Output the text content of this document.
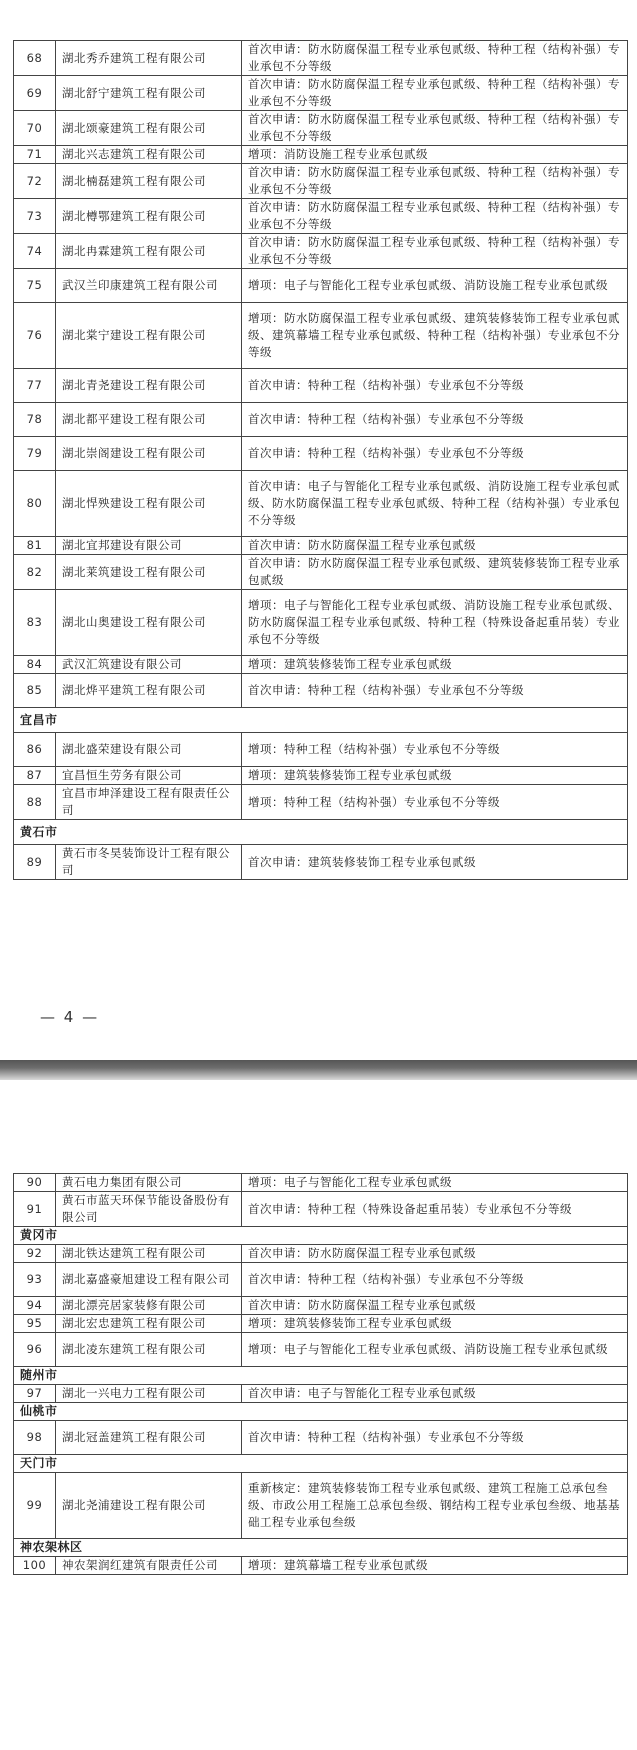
68	湖北秀乔建筑工程有限公司	首次申请：防水防腐保温工程专业承包贰级、特种工程（结构补强）专业承包不分等级
69	湖北舒宁建筑工程有限公司	首次申请：防水防腐保温工程专业承包贰级、特种工程（结构补强）专业承包不分等级
70	湖北颂豪建筑工程有限公司	首次申请：防水防腐保温工程专业承包贰级、特种工程（结构补强）专业承包不分等级
71	湖北兴志建筑工程有限公司	增项：消防设施工程专业承包贰级
72	湖北楠磊建筑工程有限公司	首次申请：防水防腐保温工程专业承包贰级、特种工程（结构补强）专业承包不分等级
73	湖北樽鄂建筑工程有限公司	首次申请：防水防腐保温工程专业承包贰级、特种工程（结构补强）专业承包不分等级
74	湖北冉霖建筑工程有限公司	首次申请：防水防腐保温工程专业承包贰级、特种工程（结构补强）专业承包不分等级
75	武汉兰印康建筑工程有限公司	增项：电子与智能化工程专业承包贰级、消防设施工程专业承包贰级
76	湖北棠宁建设工程有限公司	增项：防水防腐保温工程专业承包贰级、建筑装修装饰工程专业承包贰级、建筑幕墙工程专业承包贰级、特种工程（结构补强）专业承包不分等级
77	湖北青尧建设工程有限公司	首次申请：特种工程（结构补强）专业承包不分等级
78	湖北都平建设工程有限公司	首次申请：特种工程（结构补强）专业承包不分等级
79	湖北崇阁建设工程有限公司	首次申请：特种工程（结构补强）专业承包不分等级
80	湖北悍殃建设工程有限公司	首次申请：电子与智能化工程专业承包贰级、消防设施工程专业承包贰级、防水防腐保温工程专业承包贰级、特种工程（结构补强）专业承包不分等级
81	湖北宜邦建设有限公司	首次申请：防水防腐保温工程专业承包贰级
82	湖北莱筑建设工程有限公司	首次申请：防水防腐保温工程专业承包贰级、建筑装修装饰工程专业承包贰级
83	湖北山奥建设工程有限公司	增项：电子与智能化工程专业承包贰级、消防设施工程专业承包贰级、防水防腐保温工程专业承包贰级、特种工程（特殊设备起重吊装）专业承包不分等级
84	武汉汇筑建设有限公司	增项：建筑装修装饰工程专业承包贰级
85	湖北烨平建筑工程有限公司	首次申请：特种工程（结构补强）专业承包不分等级
宜昌市		
86	湖北盛荣建设有限公司	增项：特种工程（结构补强）专业承包不分等级
87	宜昌恒生劳务有限公司	增项：建筑装修装饰工程专业承包贰级
88	宜昌市坤泽建设工程有限责任公司	增项：特种工程（结构补强）专业承包不分等级
黄石市		
89	黄石市冬昊装饰设计工程有限公司	首次申请：建筑装修装饰工程专业承包贰级
— 4 —
90	黄石电力集团有限公司	增项：电子与智能化工程专业承包贰级
91	黄石市蓝天环保节能设备股份有限公司	首次申请：特种工程（特殊设备起重吊装）专业承包不分等级
黄冈市		
92	湖北铁达建筑工程有限公司	首次申请：防水防腐保温工程专业承包贰级
93	湖北嘉盛豪旭建设工程有限公司	首次申请：特种工程（结构补强）专业承包不分等级
94	湖北漂亮居家装修有限公司	首次申请：防水防腐保温工程专业承包贰级
95	湖北宏忠建筑工程有限公司	增项：建筑装修装饰工程专业承包贰级
96	湖北凌东建筑工程有限公司	增项：电子与智能化工程专业承包贰级、消防设施工程专业承包贰级
随州市		
97	湖北一兴电力工程有限公司	首次申请：电子与智能化工程专业承包贰级
仙桃市		
98	湖北冠盖建筑工程有限公司	首次申请：特种工程（结构补强）专业承包不分等级
天门市		
99	湖北尧浦建设工程有限公司	重新核定：建筑装修装饰工程专业承包贰级、建筑工程施工总承包叁级、市政公用工程施工总承包叁级、钢结构工程专业承包叁级、地基基础工程专业承包叁级
神农架林区		
100	神农架润红建筑有限责任公司	增项：建筑幕墙工程专业承包贰级
